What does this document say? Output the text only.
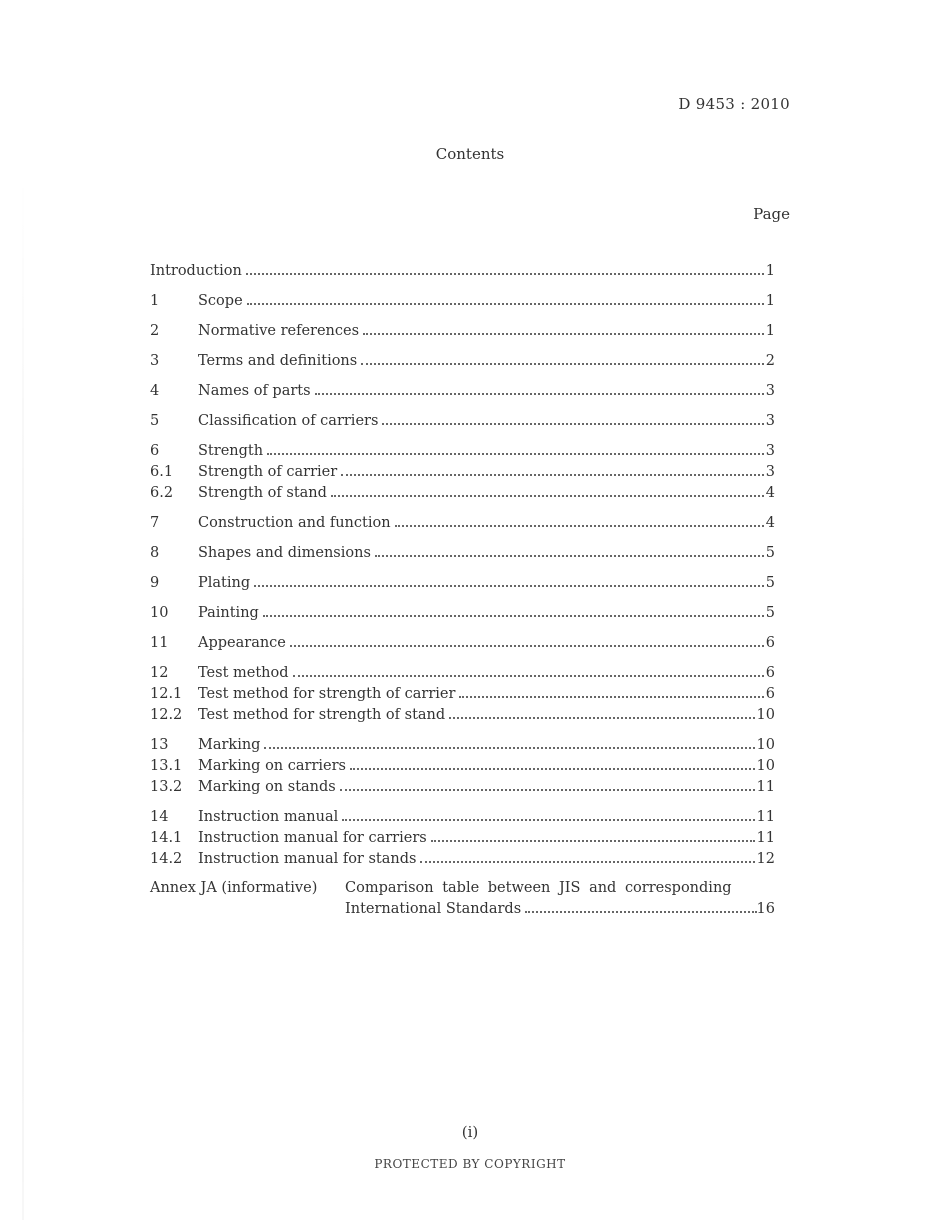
D 9453 : 2010
Contents
Page
Introduction	1
1	Scope	1
2	Normative references	1
3	Terms and definitions	2
4	Names of parts	3
5	Classification of carriers	3
6	Strength	3
6.1	Strength of carrier	3
6.2	Strength of stand	4
7	Construction and function	4
8	Shapes and dimensions	5
9	Plating	5
10	Painting	5
11	Appearance	6
12	Test method	6
12.1	Test method for strength of carrier	6
12.2	Test method for strength of stand	10
13	Marking	10
13.1	Marking on carriers	10
13.2	Marking on stands	11
14	Instruction manual	11
14.1	Instruction manual for carriers	11
14.2	Instruction manual for stands	12
Annex JA (informative) Comparison table between JIS and corresponding
International Standards	16
(i)
PROTECTED BY COPYRIGHT
